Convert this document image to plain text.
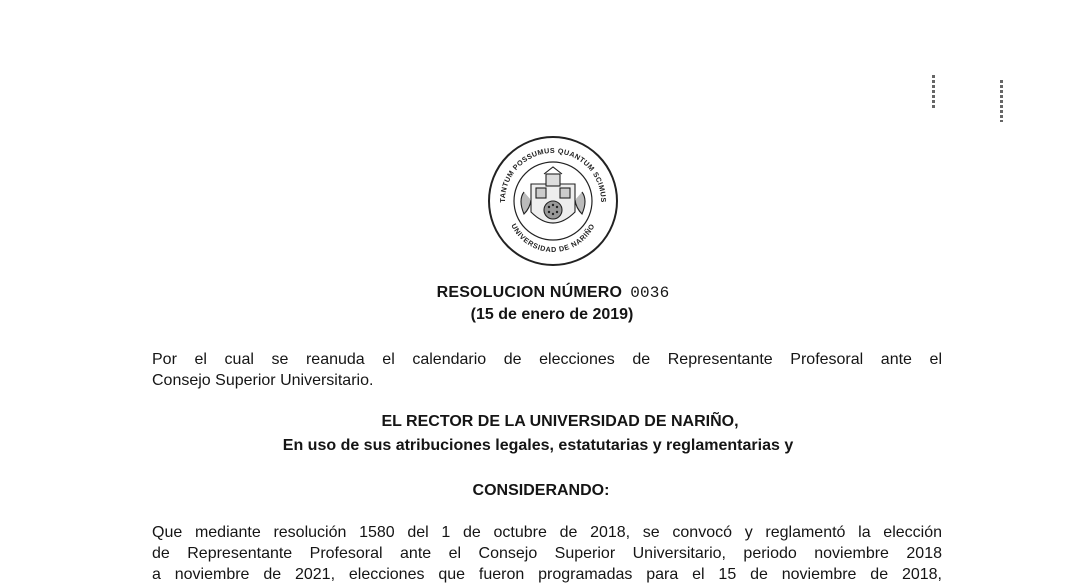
TANTUM POSSUMUS QUANTUM SCIMUS
UNIVERSIDAD DE NARIÑO
RESOLUCION NÚMERO 0036
(15 de enero de 2019)
Por el cual se reanuda el calendario de elecciones de Representante Profesoral ante el
Consejo Superior Universitario.
EL RECTOR DE LA UNIVERSIDAD DE NARIÑO,
En uso de sus atribuciones legales, estatutarias y reglamentarias y
CONSIDERANDO:
Que mediante resolución 1580 del 1 de octubre de 2018, se convocó y reglamentó la elección
de Representante Profesoral ante el Consejo Superior Universitario, periodo noviembre 2018
a noviembre de 2021, elecciones que fueron programadas para el 15 de noviembre de 2018,
